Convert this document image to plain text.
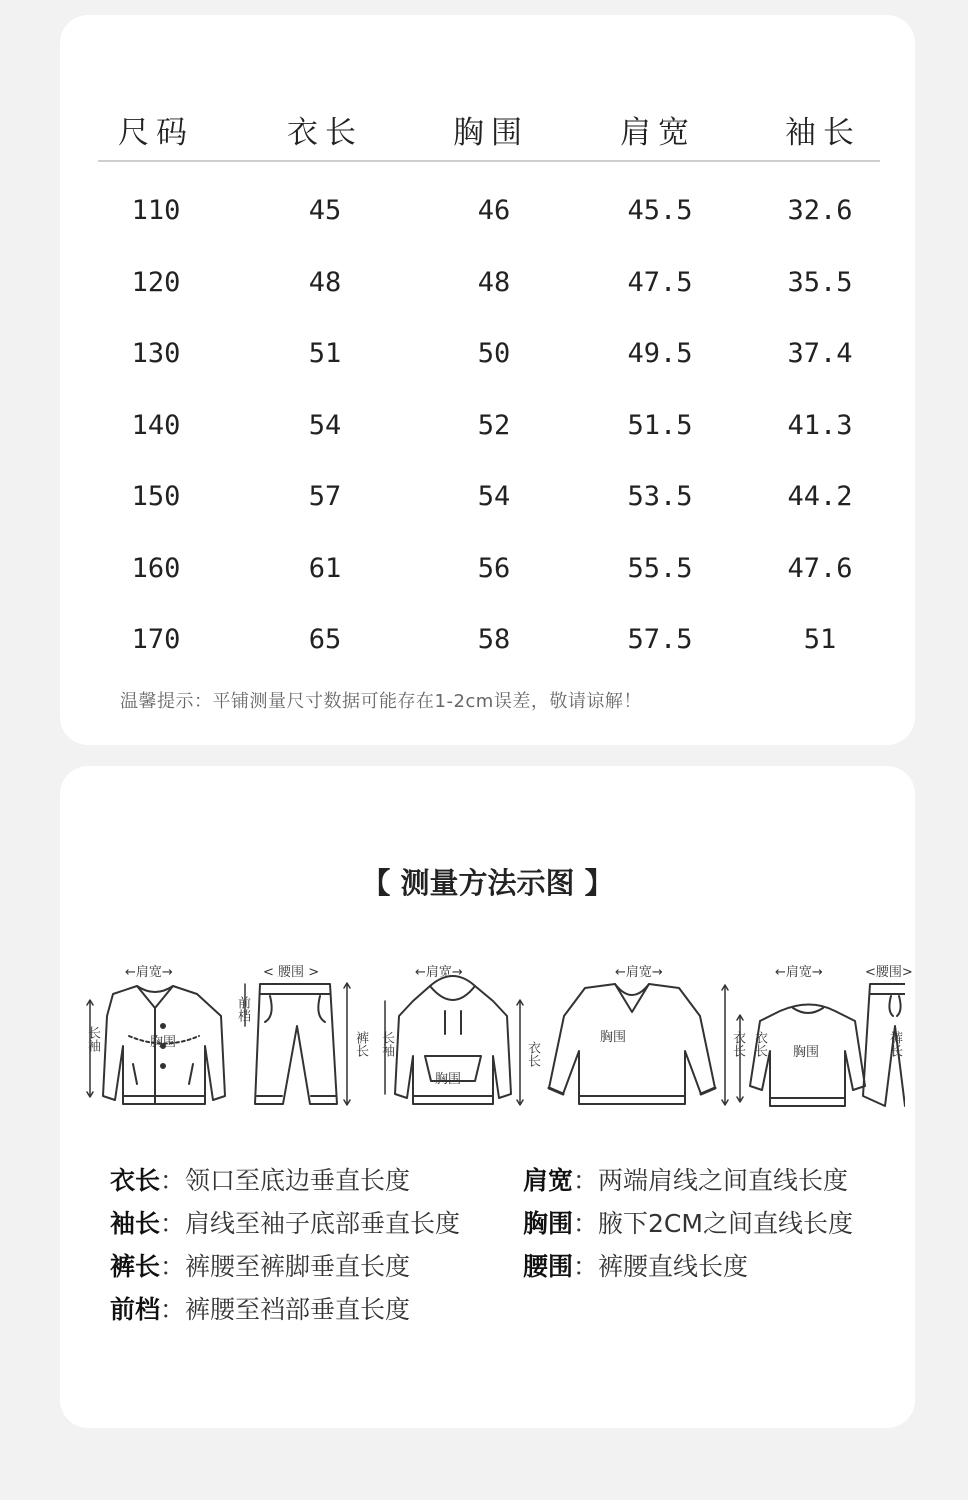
尺码	衣长	胸围	肩宽	袖长
110	45	46	45.5	32.6
120	48	48	47.5	35.5
130	51	50	49.5	37.4
140	54	52	51.5	41.3
150	57	54	53.5	44.2
160	61	56	55.5	47.6
170	65	58	57.5	51
温馨提示：平铺测量尺寸数据可能存在1-2cm误差，敬请谅解！
【 测量方法示图 】
←肩宽→
胸围
长袖
< 腰围 >
前档
裤长
←肩宽→
胸围
长袖	衣长
←肩宽→
胸围	衣长
←肩宽→
胸围
衣长
<腰围>
裤长
衣长：领口至底边垂直长度
袖长：肩线至袖子底部垂直长度
裤长：裤腰至裤脚垂直长度
前档：裤腰至裆部垂直长度
肩宽：两端肩线之间直线长度
胸围：腋下2CM之间直线长度
腰围：裤腰直线长度
